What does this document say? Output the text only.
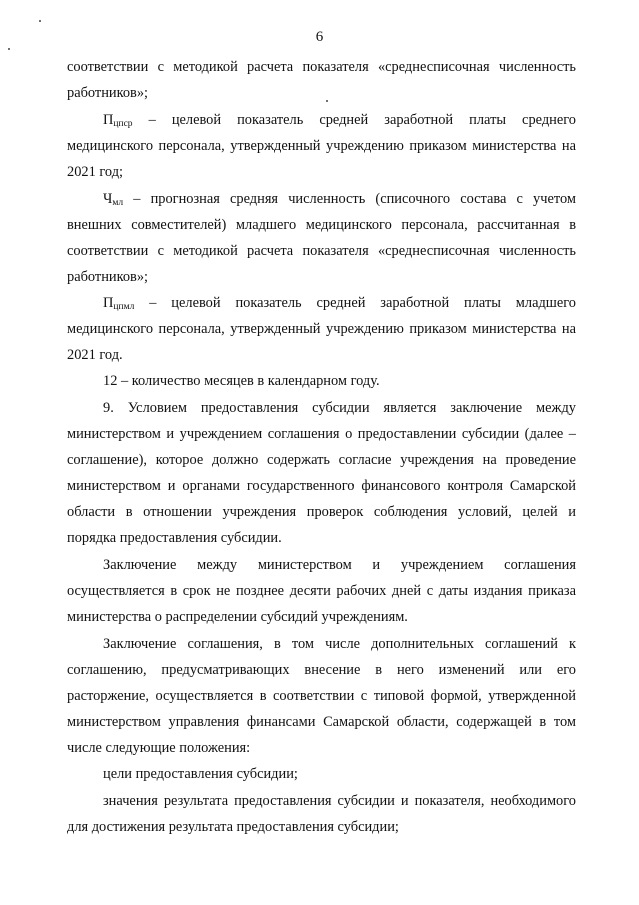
6
соответствии с методикой расчета показателя «среднесписочная численность
работников»;
$П_{цпср}$ – целевой показатель средней заработной платы среднего
медицинского персонала, утвержденный учреждению приказом министерства на
2021 год;
$Ч_{мл}$ – прогнозная средняя численность (списочного состава с учетом
внешних совместителей) младшего медицинского персонала, рассчитанная в
соответствии с методикой расчета показателя «среднесписочная численность
работников»;
$П_{цпмл}$ – целевой показатель средней заработной платы младшего
медицинского персонала, утвержденный учреждению приказом министерства на
2021 год.
12 – количество месяцев в календарном году.
9. Условием предоставления субсидии является заключение между
министерством и учреждением соглашения о предоставлении субсидии (далее –
соглашение), которое должно содержать согласие учреждения на проведение
министерством и органами государственного финансового контроля Самарской
области в отношении учреждения проверок соблюдения условий, целей и
порядка предоставления субсидии.
Заключение между министерством и учреждением соглашения
осуществляется в срок не позднее десяти рабочих дней с даты издания приказа
министерства о распределении субсидий учреждениям.
Заключение соглашения, в том числе дополнительных соглашений к
соглашению, предусматривающих внесение в него изменений или его
расторжение, осуществляется в соответствии с типовой формой, утвержденной
министерством управления финансами Самарской области, содержащей в том
числе следующие положения:
цели предоставления субсидии;
значения результата предоставления субсидии и показателя, необходимого
для достижения результата предоставления субсидии;
